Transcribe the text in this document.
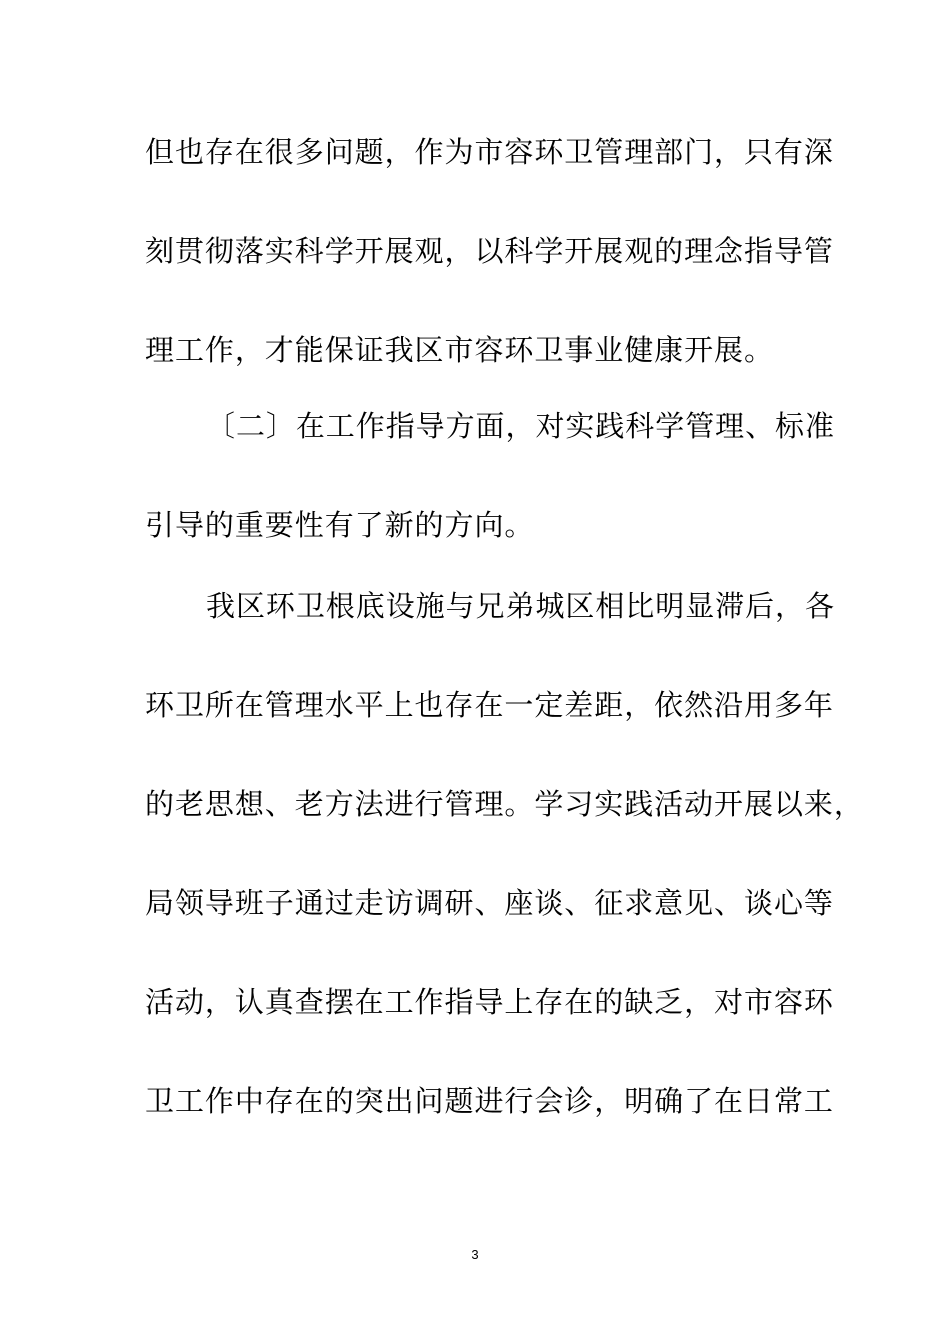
但也存在很多问题，作为市容环卫管理部门，只有深
刻贯彻落实科学开展观，以科学开展观的理念指导管
理工作，才能保证我区市容环卫事业健康开展。
〔二〕在工作指导方面，对实践科学管理、标准
引导的重要性有了新的方向。
我区环卫根底设施与兄弟城区相比明显滞后，各
环卫所在管理水平上也存在一定差距，依然沿用多年
的老思想、老方法进行管理。学习实践活动开展以来，
局领导班子通过走访调研、座谈、征求意见、谈心等
活动，认真查摆在工作指导上存在的缺乏，对市容环
卫工作中存在的突出问题进行会诊，明确了在日常工
3
